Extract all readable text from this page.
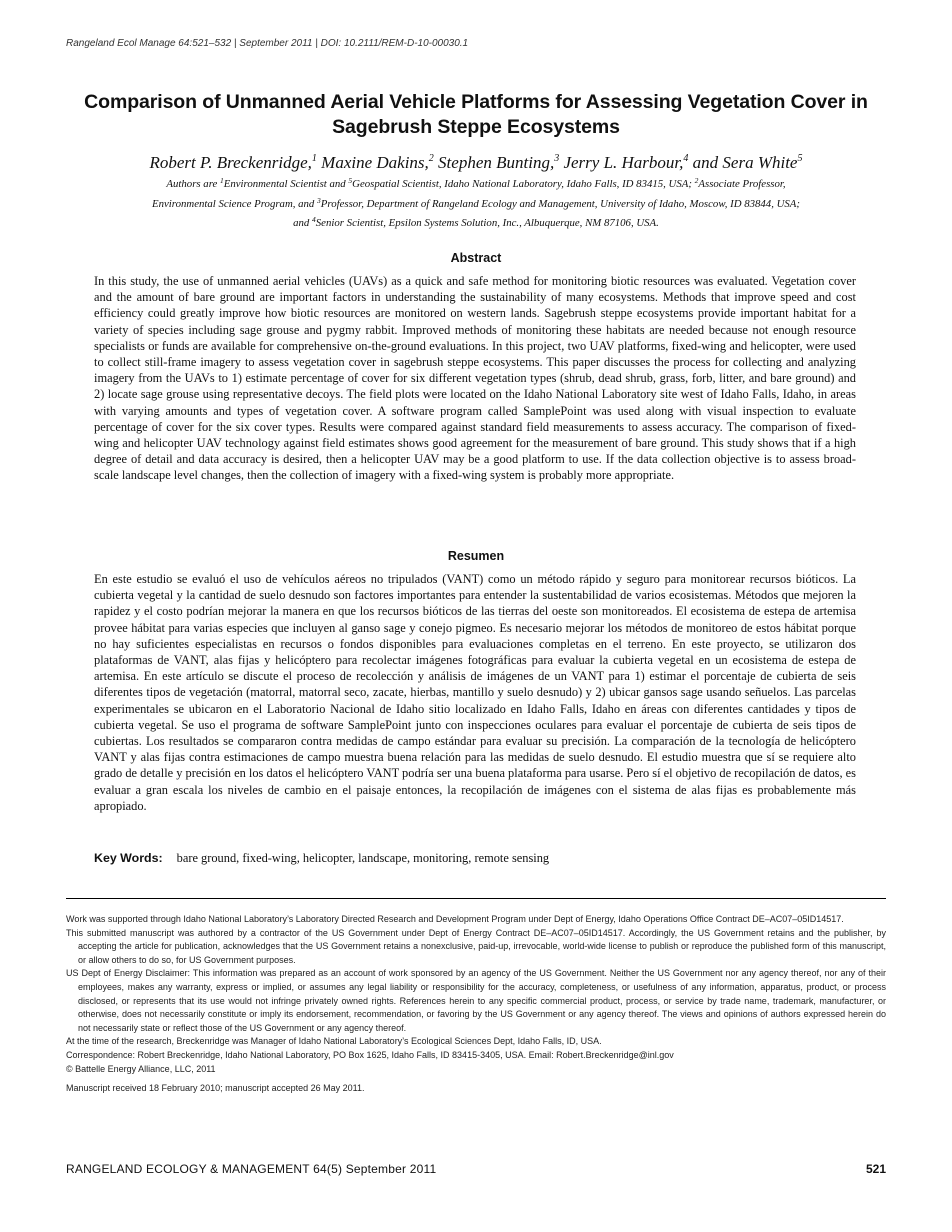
Rangeland Ecol Manage 64:521–532 | September 2011 | DOI: 10.2111/REM-D-10-00030.1
Comparison of Unmanned Aerial Vehicle Platforms for Assessing Vegetation Cover in Sagebrush Steppe Ecosystems
Robert P. Breckenridge,$^1$ Maxine Dakins,$^2$ Stephen Bunting,$^3$ Jerry L. Harbour,$^4$ and Sera White$^5$
Authors are $^1$Environmental Scientist and $^5$Geospatial Scientist, Idaho National Laboratory, Idaho Falls, ID 83415, USA; $^2$Associate Professor,
Environmental Science Program, and $^3$Professor, Department of Rangeland Ecology and Management, University of Idaho, Moscow, ID 83844, USA;
and $^4$Senior Scientist, Epsilon Systems Solution, Inc., Albuquerque, NM 87106, USA.
Abstract
In this study, the use of unmanned aerial vehicles (UAVs) as a quick and safe method for monitoring biotic resources was evaluated. Vegetation cover and the amount of bare ground are important factors in understanding the sustainability of many ecosystems. Methods that improve speed and cost efficiency could greatly improve how biotic resources are monitored on western lands. Sagebrush steppe ecosystems provide important habitat for a variety of species including sage grouse and pygmy rabbit. Improved methods of monitoring these habitats are needed because not enough resource specialists or funds are available for comprehensive on-the-ground evaluations. In this project, two UAV platforms, fixed-wing and helicopter, were used to collect still-frame imagery to assess vegetation cover in sagebrush steppe ecosystems. This paper discusses the process for collecting and analyzing imagery from the UAVs to 1) estimate percentage of cover for six different vegetation types (shrub, dead shrub, grass, forb, litter, and bare ground) and 2) locate sage grouse using representative decoys. The field plots were located on the Idaho National Laboratory site west of Idaho Falls, Idaho, in areas with varying amounts and types of vegetation cover. A software program called SamplePoint was used along with visual inspection to evaluate percentage of cover for the six cover types. Results were compared against standard field measurements to assess accuracy. The comparison of fixed-wing and helicopter UAV technology against field estimates shows good agreement for the measurement of bare ground. This study shows that if a high degree of detail and data accuracy is desired, then a helicopter UAV may be a good platform to use. If the data collection objective is to assess broad-scale landscape level changes, then the collection of imagery with a fixed-wing system is probably more appropriate.
Resumen
En este estudio se evaluó el uso de vehículos aéreos no tripulados (VANT) como un método rápido y seguro para monitorear recursos bióticos. La cubierta vegetal y la cantidad de suelo desnudo son factores importantes para entender la sustentabilidad de varios ecosistemas. Métodos que mejoren la rapidez y el costo podrían mejorar la manera en que los recursos bióticos de las tierras del oeste son monitoreados. El ecosistema de estepa de artemisa provee hábitat para varias especies que incluyen al ganso sage y conejo pigmeo. Es necesario mejorar los métodos de monitoreo de estos hábitat porque no hay suficientes especialistas en recursos o fondos disponibles para evaluaciones completas en el terreno. En este proyecto, se utilizaron dos plataformas de VANT, alas fijas y helicóptero para recolectar imágenes fotográficas para evaluar la cubierta vegetal en un ecosistema de estepa de artemisa. En este artículo se discute el proceso de recolección y análisis de imágenes de un VANT para 1) estimar el porcentaje de cubierta de seis diferentes tipos de vegetación (matorral, matorral seco, zacate, hierbas, mantillo y suelo desnudo) y 2) ubicar gansos sage usando señuelos. Las parcelas experimentales se ubicaron en el Laboratorio Nacional de Idaho sitio localizado en Idaho Falls, Idaho en áreas con diferentes cantidades y tipos de cubierta vegetal. Se uso el programa de software SamplePoint junto con inspecciones oculares para evaluar el porcentaje de cubierta de seis tipos de cubiertas. Los resultados se compararon contra medidas de campo estándar para evaluar su precisión. La comparación de la tecnología de helicóptero VANT y alas fijas contra estimaciones de campo muestra buena relación para las medidas de suelo desnudo. El estudio muestra que sí se requiere alto grado de detalle y precisión en los datos el helicóptero VANT podría ser una buena plataforma para usarse. Pero sí el objetivo de recopilación de datos, es evaluar a gran escala los niveles de cambio en el paisaje entonces, la recopilación de imágenes con el sistema de alas fijas es probablemente más apropiado.
Key Words: bare ground, fixed-wing, helicopter, landscape, monitoring, remote sensing
Work was supported through Idaho National Laboratory’s Laboratory Directed Research and Development Program under Dept of Energy, Idaho Operations Office Contract DE–AC07–05ID14517.
This submitted manuscript was authored by a contractor of the US Government under Dept of Energy Contract DE–AC07–05ID14517. Accordingly, the US Government retains and the publisher, by accepting the article for publication, acknowledges that the US Government retains a nonexclusive, paid-up, irrevocable, world-wide license to publish or reproduce the published form of this manuscript, or allow others to do so, for US Government purposes.
US Dept of Energy Disclaimer: This information was prepared as an account of work sponsored by an agency of the US Government. Neither the US Government nor any agency thereof, nor any of their employees, makes any warranty, express or implied, or assumes any legal liability or responsibility for the accuracy, completeness, or usefulness of any information, apparatus, product, or process disclosed, or represents that its use would not infringe privately owned rights. References herein to any specific commercial product, process, or service by trade name, trademark, manufacturer, or otherwise, does not necessarily constitute or imply its endorsement, recommendation, or favoring by the US Government or any agency thereof. The views and opinions of authors expressed herein do not necessarily state or reflect those of the US Government or any agency thereof.
At the time of the research, Breckenridge was Manager of Idaho National Laboratory’s Ecological Sciences Dept, Idaho Falls, ID, USA.
Correspondence: Robert Breckenridge, Idaho National Laboratory, PO Box 1625, Idaho Falls, ID 83415-3405, USA. Email: Robert.Breckenridge@inl.gov
© Battelle Energy Alliance, LLC, 2011
Manuscript received 18 February 2010; manuscript accepted 26 May 2011.
RANGELAND ECOLOGY & MANAGEMENT 64(5) September 2011	521
